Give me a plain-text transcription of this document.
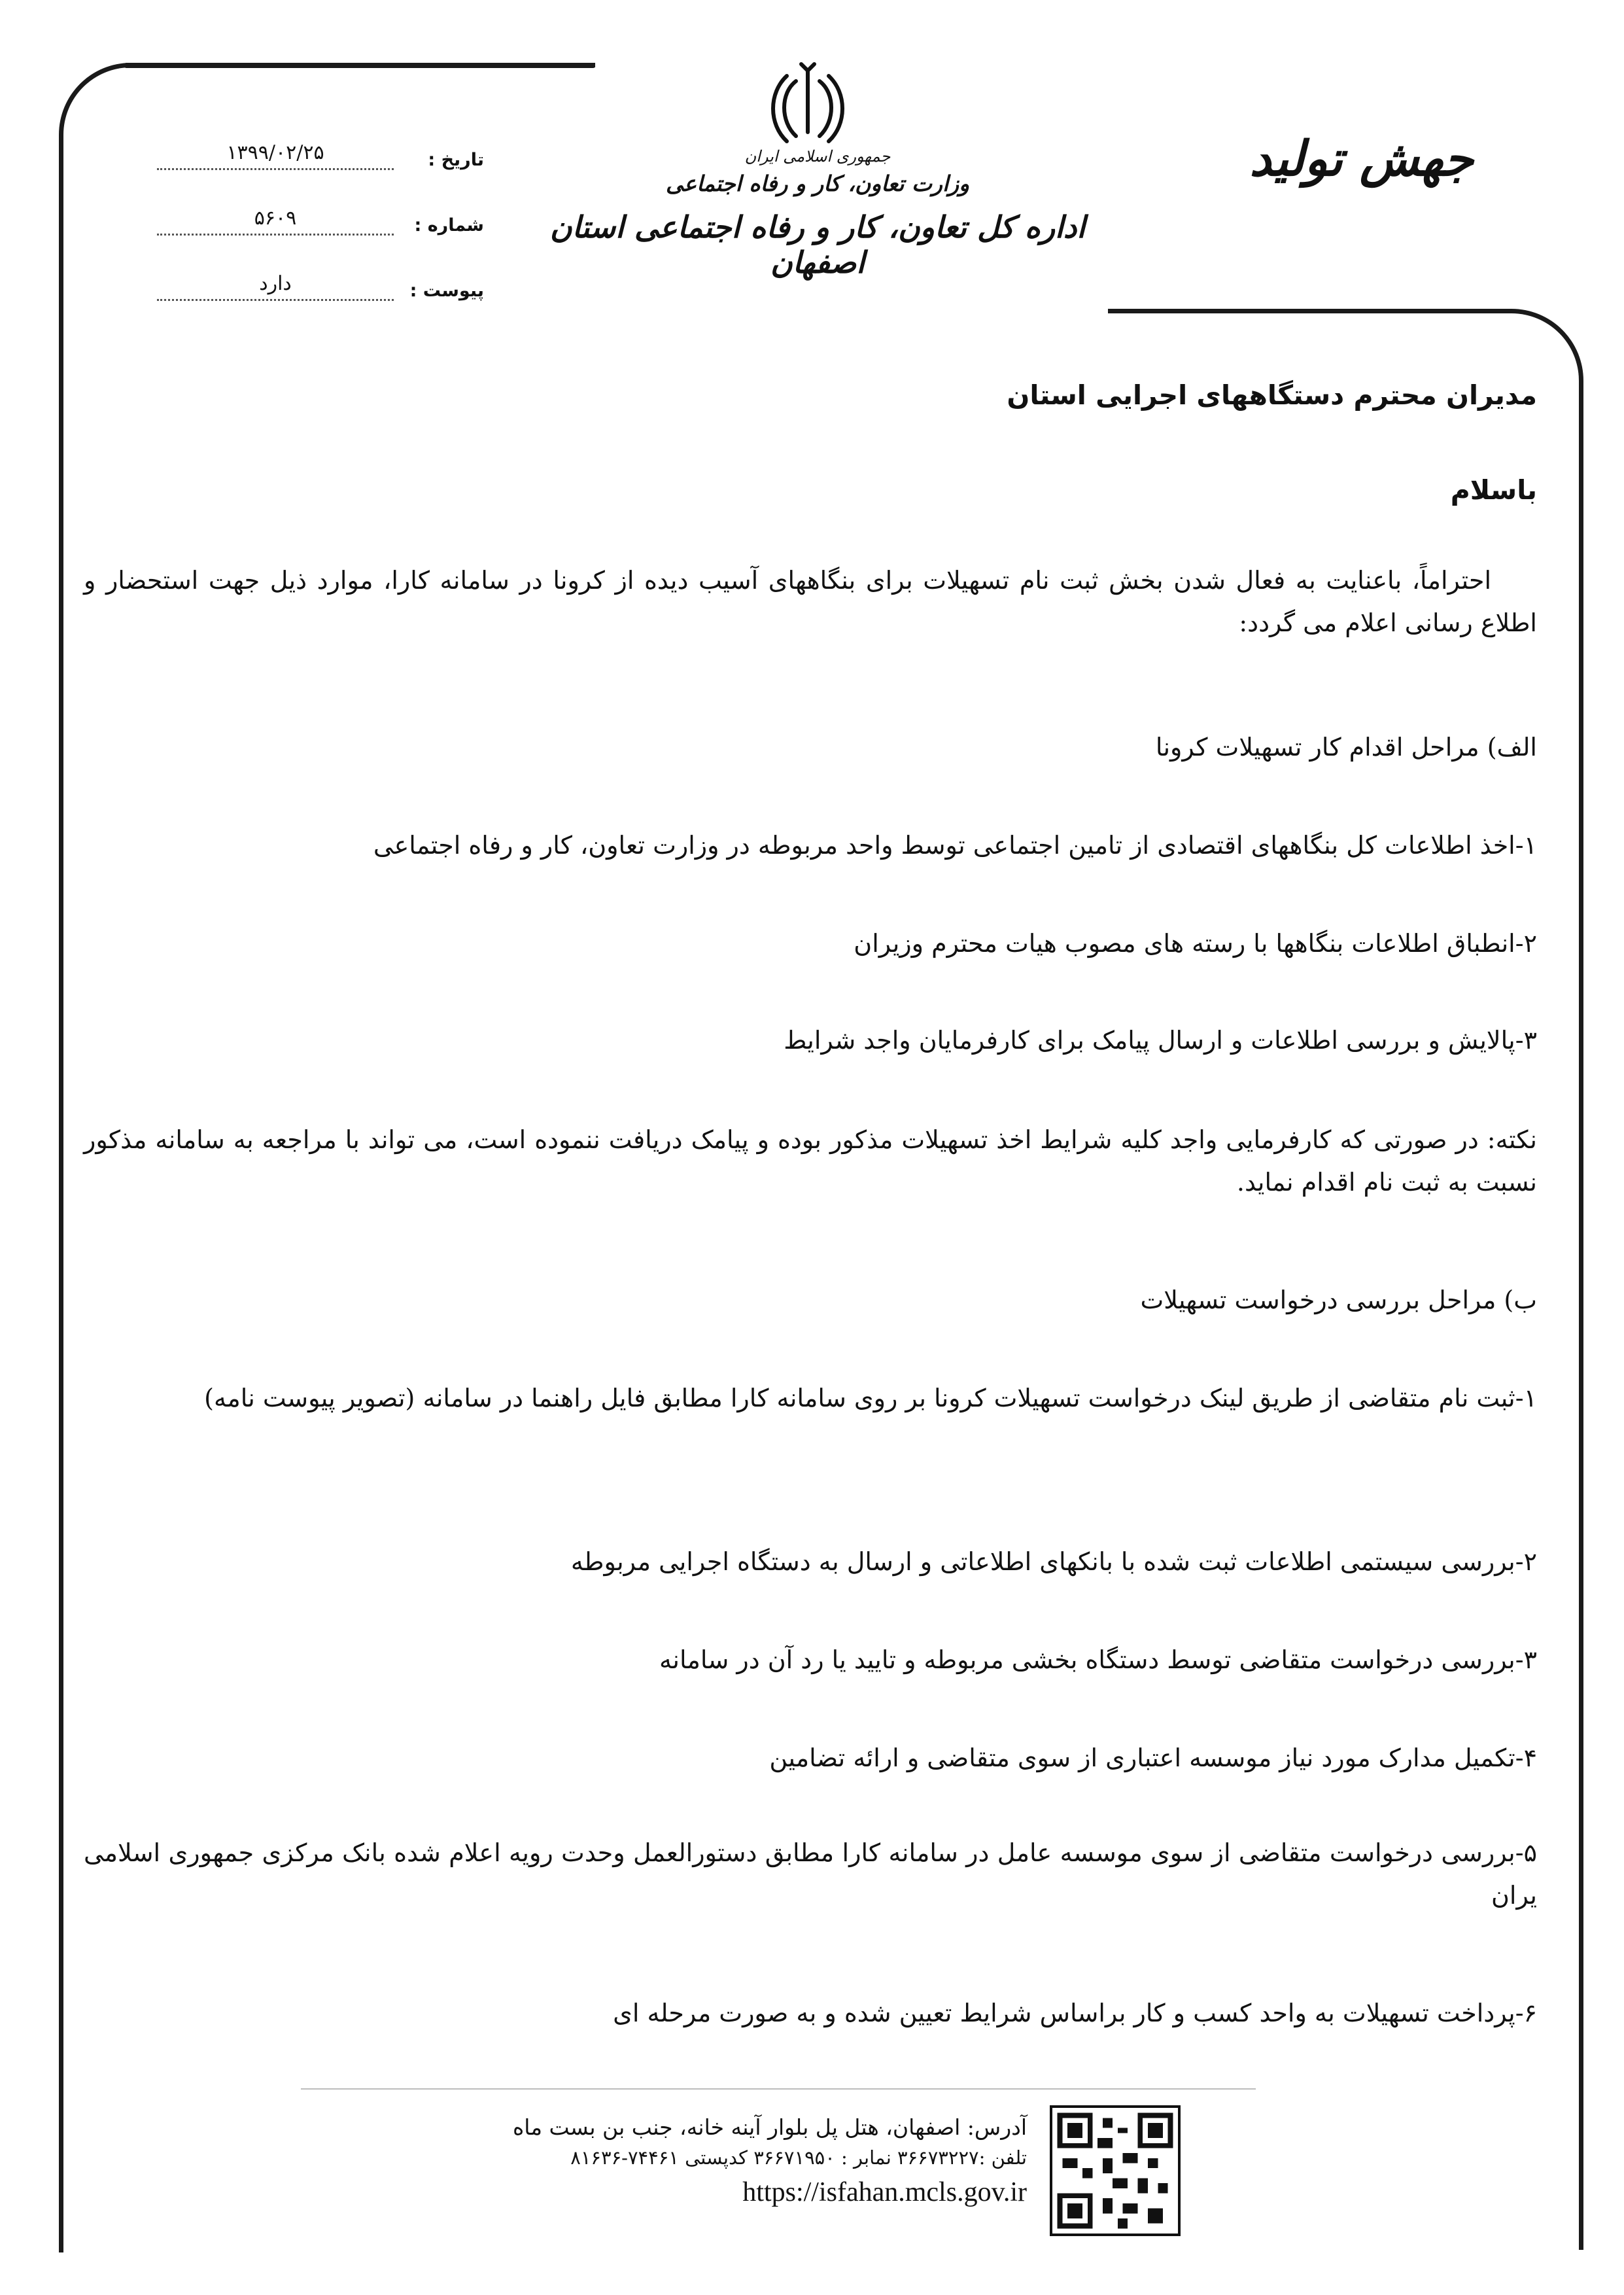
تاریخ :
۱۳۹۹/۰۲/۲۵
شماره :
۵۶۰۹
پیوست :
دارد
جمهوری اسلامی ایران
وزارت تعاون، کار و رفاه اجتماعی
اداره کل تعاون، کار و رفاه اجتماعی استان اصفهان
جهش تولید
مدیران محترم دستگاههای اجرایی استان
باسلام
احتراماً، باعنایت به فعال شدن بخش ثبت نام تسهیلات برای بنگاههای آسیب دیده از کرونا در سامانه کارا، موارد ذیل جهت استحضار و اطلاع رسانی اعلام می گردد:
الف) مراحل اقدام کار تسهیلات کرونا
۱-اخذ اطلاعات کل بنگاههای اقتصادی از تامین اجتماعی توسط واحد مربوطه در وزارت تعاون، کار و رفاه اجتماعی
۲-انطباق اطلاعات بنگاهها با رسته های مصوب هیات محترم وزیران
۳-پالایش و بررسی اطلاعات و ارسال پیامک برای کارفرمایان واجد شرایط
نکته: در صورتی که کارفرمایی واجد کلیه شرایط اخذ تسهیلات مذکور بوده و پیامک دریافت ننموده است، می تواند با مراجعه به سامانه مذکور نسبت به ثبت نام اقدام نماید.
ب) مراحل بررسی درخواست تسهیلات
۱-ثبت نام متقاضی از طریق لینک درخواست تسهیلات کرونا بر روی سامانه کارا مطابق فایل راهنما در سامانه (تصویر پیوست نامه)
۲-بررسی سیستمی اطلاعات ثبت شده با بانکهای اطلاعاتی و ارسال به دستگاه اجرایی مربوطه
۳-بررسی درخواست متقاضی توسط دستگاه بخشی مربوطه و تایید یا رد آن در سامانه
۴-تکمیل مدارک مورد نیاز موسسه اعتباری از سوی متقاضی و ارائه تضامین
۵-بررسی درخواست متقاضی از سوی موسسه عامل در سامانه کارا مطابق دستورالعمل وحدت رویه اعلام شده بانک مرکزی جمهوری اسلامی یران
۶-پرداخت تسهیلات به واحد کسب و کار براساس شرایط تعیین شده و به صورت مرحله ای
آدرس: اصفهان، هتل پل بلوار آینه خانه، جنب بن بست ماه
تلفن :۳۶۶۷۳۲۲۷ نمابر : ۳۶۶۷۱۹۵۰ کدپستی ۷۴۴۶۱-۸۱۶۳۶
https://isfahan.mcls.gov.ir
